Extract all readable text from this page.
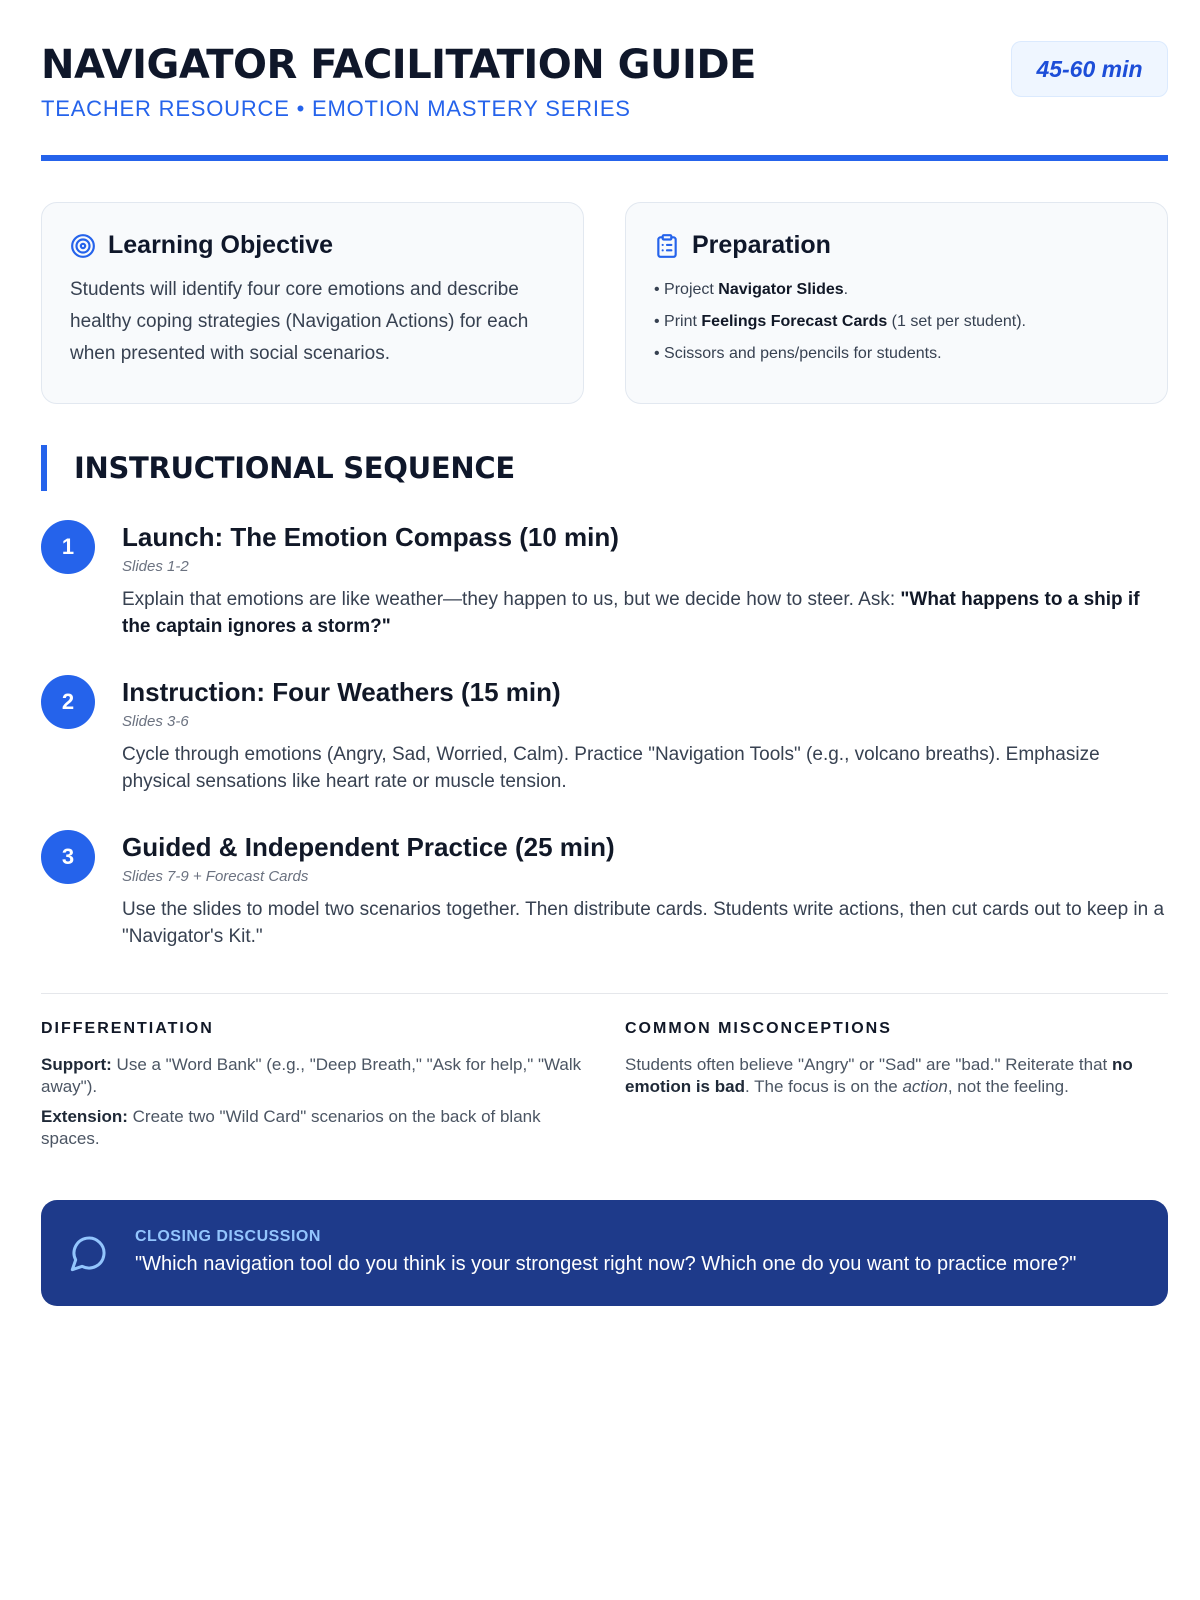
NAVIGATOR FACILITATION GUIDE
TEACHER RESOURCE • EMOTION MASTERY SERIES
45-60 min
Learning Objective
Students will identify four core emotions and describe healthy coping strategies (Navigation Actions) for each when presented with social scenarios.
Preparation
• Project Navigator Slides.
• Print Feelings Forecast Cards (1 set per student).
• Scissors and pens/pencils for students.
INSTRUCTIONAL SEQUENCE
1	Launch: The Emotion Compass (10 min)
Slides 1-2
Explain that emotions are like weather—they happen to us, but we decide how to steer. Ask: "What happens to a ship if the captain ignores a storm?"
2	Instruction: Four Weathers (15 min)
Slides 3-6
Cycle through emotions (Angry, Sad, Worried, Calm). Practice "Navigation Tools" (e.g., volcano breaths). Emphasize physical sensations like heart rate or muscle tension.
3	Guided & Independent Practice (25 min)
Slides 7-9 + Forecast Cards
Use the slides to model two scenarios together. Then distribute cards. Students write actions, then cut cards out to keep in a "Navigator's Kit."
DIFFERENTIATION
Support: Use a "Word Bank" (e.g., "Deep Breath," "Ask for help," "Walk away").
Extension: Create two "Wild Card" scenarios on the back of blank spaces.
COMMON MISCONCEPTIONS
Students often believe "Angry" or "Sad" are "bad." Reiterate that no emotion is bad. The focus is on the action, not the feeling.
CLOSING DISCUSSION
"Which navigation tool do you think is your strongest right now? Which one do you want to practice more?"
